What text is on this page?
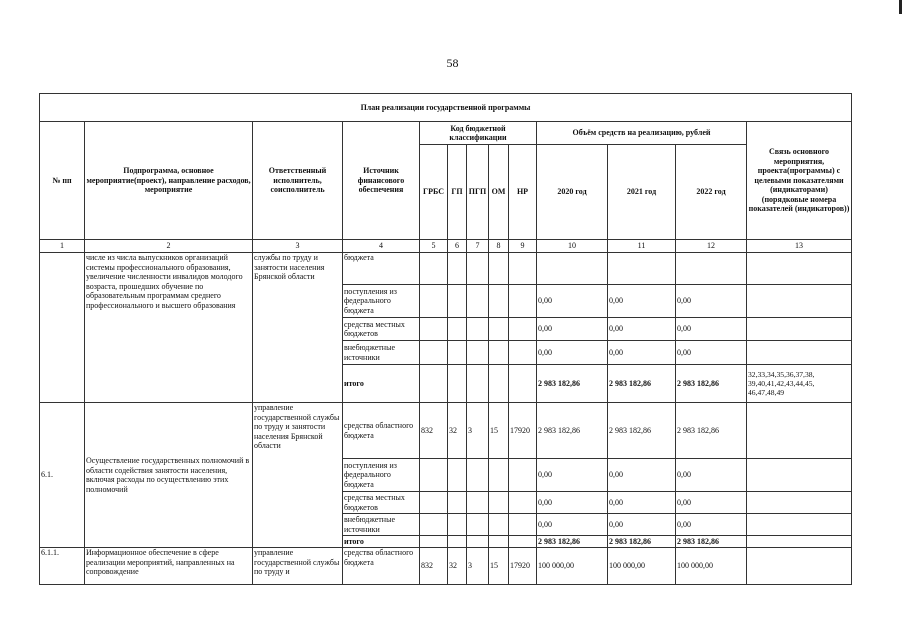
58
План реализации государственной программы												
№ пп	Подпрограмма, основное мероприятие(проект), направление расходов, мероприятие	Ответственный исполнитель, соисполнитель	Источник финансового обеспечения	Код бюджетной классификации					Объём средств на реализацию, рублей			Связь основного мероприятия, проекта(программы) с целевыми показателями (индикаторами) (порядковые номера показателей (индикаторов))
				ГРБС	ГП	ПГП	ОМ	НР	2020 год	2021 год	2022 год	
1	2	3	4	5	6	7	8	9	10	11	12	13
	числе из числа выпускников организаций системы профессионального образования, увеличение численности инвалидов молодого возраста, прошедших обучение по образовательным программам среднего профессионального и высшего образования	службы по труду и занятости населения Брянской области	бюджета									
			поступления из федерального бюджета						0,00	0,00	0,00	
			средства местных бюджетов						0,00	0,00	0,00	
			внебюджетные источники						0,00	0,00	0,00	
			итого						2 983 182,86	2 983 182,86	2 983 182,86	32,33,34,35,36,37,38, 39,40,41,42,43,44,45, 46,47,48,49
6.1.	Осуществление государственных полномочий в области содействия занятости населения, включая расходы по осуществлению этих полномочий	управление государственной службы по труду и занятости населения Брянской области	средства областного бюджета	832	32	3	15	17920	2 983 182,86	2 983 182,86	2 983 182,86	
			поступления из федерального бюджета						0,00	0,00	0,00	
			средства местных бюджетов						0,00	0,00	0,00	
			внебюджетные источники						0,00	0,00	0,00	
			итого						2 983 182,86	2 983 182,86	2 983 182,86	
6.1.1.	Информационное обеспечение в сфере реализации мероприятий, направленных на сопровождение	управление государственной службы по труду и	средства областного бюджета	832	32	3	15	17920	100 000,00	100 000,00	100 000,00	
